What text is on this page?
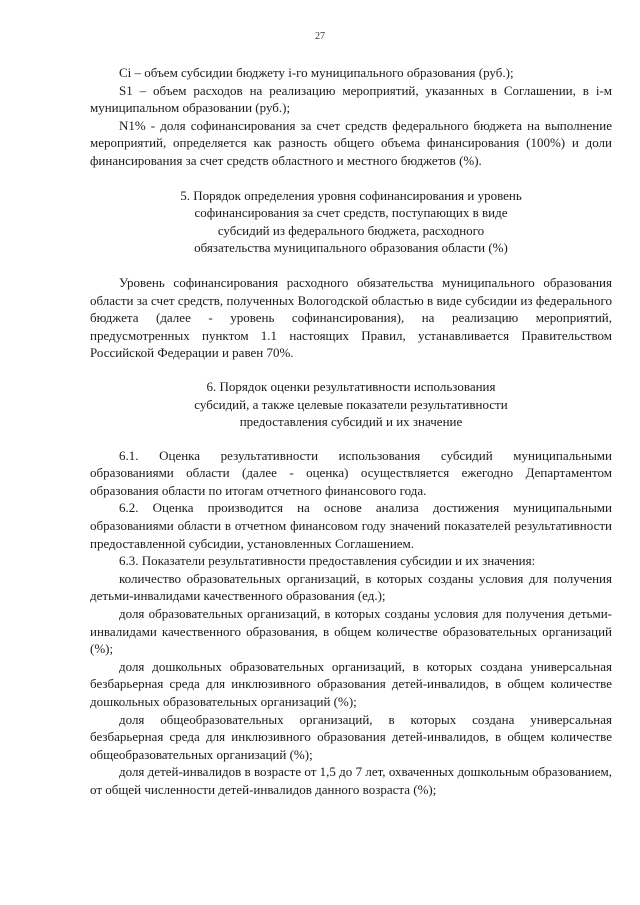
27

Ci – объем субсидии бюджету i-го муниципального образования (руб.);

S1 – объем расходов на реализацию мероприятий, указанных в Соглашении, в i-м муниципальном образовании (руб.);

N1% - доля софинансирования за счет средств федерального бюджета на выполнение мероприятий, определяется как разность общего объема финансирования (100%) и доли финансирования за счет средств областного и местного бюджетов (%).

5. Порядок определения уровня софинансирования и уровень
софинансирования за счет средств, поступающих в виде
субсидий из федерального бюджета, расходного
обязательства муниципального образования области (%)

Уровень софинансирования расходного обязательства муниципального образования области за счет средств, полученных Вологодской областью в виде субсидии из федерального бюджета (далее - уровень софинансирования), на реализацию мероприятий, предусмотренных пунктом 1.1 настоящих Правил, устанавливается Правительством Российской Федерации и равен 70%.

6. Порядок оценки результативности использования
субсидий, а также целевые показатели результативности
предоставления субсидий и их значение

6.1. Оценка результативности использования субсидий муниципальными образованиями области (далее - оценка) осуществляется ежегодно Департаментом образования области по итогам отчетного финансового года.

6.2. Оценка производится на основе анализа достижения муниципальными образованиями области в отчетном финансовом году значений показателей результативности предоставленной субсидии, установленных Соглашением.

6.3. Показатели результативности предоставления субсидии и их значения:

количество образовательных организаций, в которых созданы условия для получения детьми-инвалидами качественного образования (ед.);

доля образовательных организаций, в которых созданы условия для получения детьми-инвалидами качественного образования, в общем количестве образовательных организаций (%);

доля дошкольных образовательных организаций, в которых создана универсальная безбарьерная среда для инклюзивного образования детей-инвалидов, в общем количестве дошкольных образовательных организаций (%);

доля общеобразовательных организаций, в которых создана универсальная безбарьерная среда для инклюзивного образования детей-инвалидов, в общем количестве общеобразовательных организаций (%);

доля детей-инвалидов в возрасте от 1,5 до 7 лет, охваченных дошкольным образованием, от общей численности детей-инвалидов данного возраста (%);
